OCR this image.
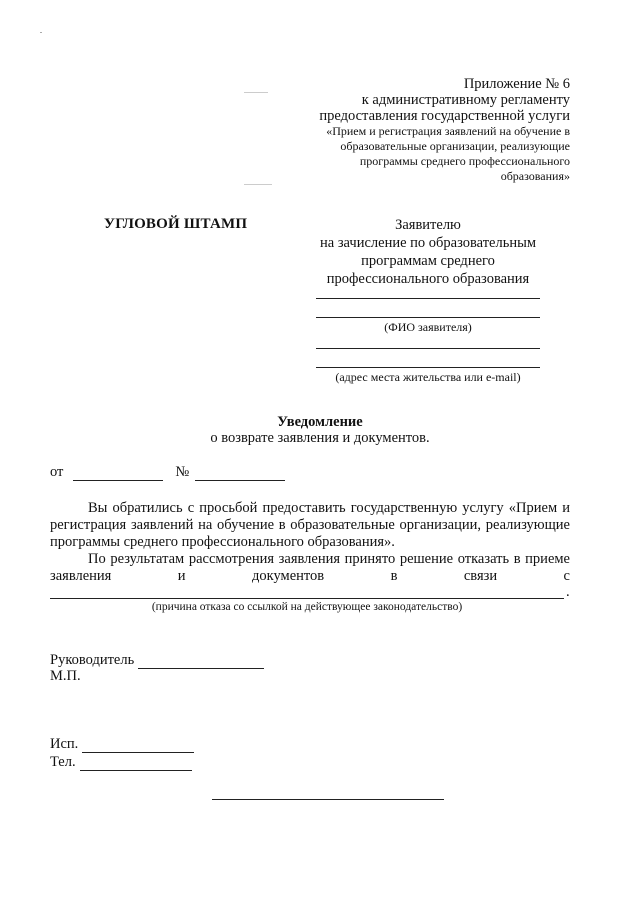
Приложение № 6
к административному регламенту
предоставления государственной услуги
«Прием и регистрация заявлений на обучение в
образовательные организации, реализующие
программы среднего профессионального
образования»
УГЛОВОЙ ШТАМП	Заявителю
на зачисление по образовательным
программам среднего
профессионального образования
(ФИО заявителя)
(адрес места жительства или e-mail)
Уведомление
о возврате заявления и документов.
от	№

Вы обратились с просьбой предоставить государственную услугу «Прием и регистрация заявлений на обучение в образовательные организации, реализующие программы среднего профессионального образования».

По результатам рассмотрения заявления принято решение отказать в приеме заявления и документов в связи с

.
(причина отказа со ссылкой на действующее законодательство)
Руководитель
М.П.
Исп.
Тел.
